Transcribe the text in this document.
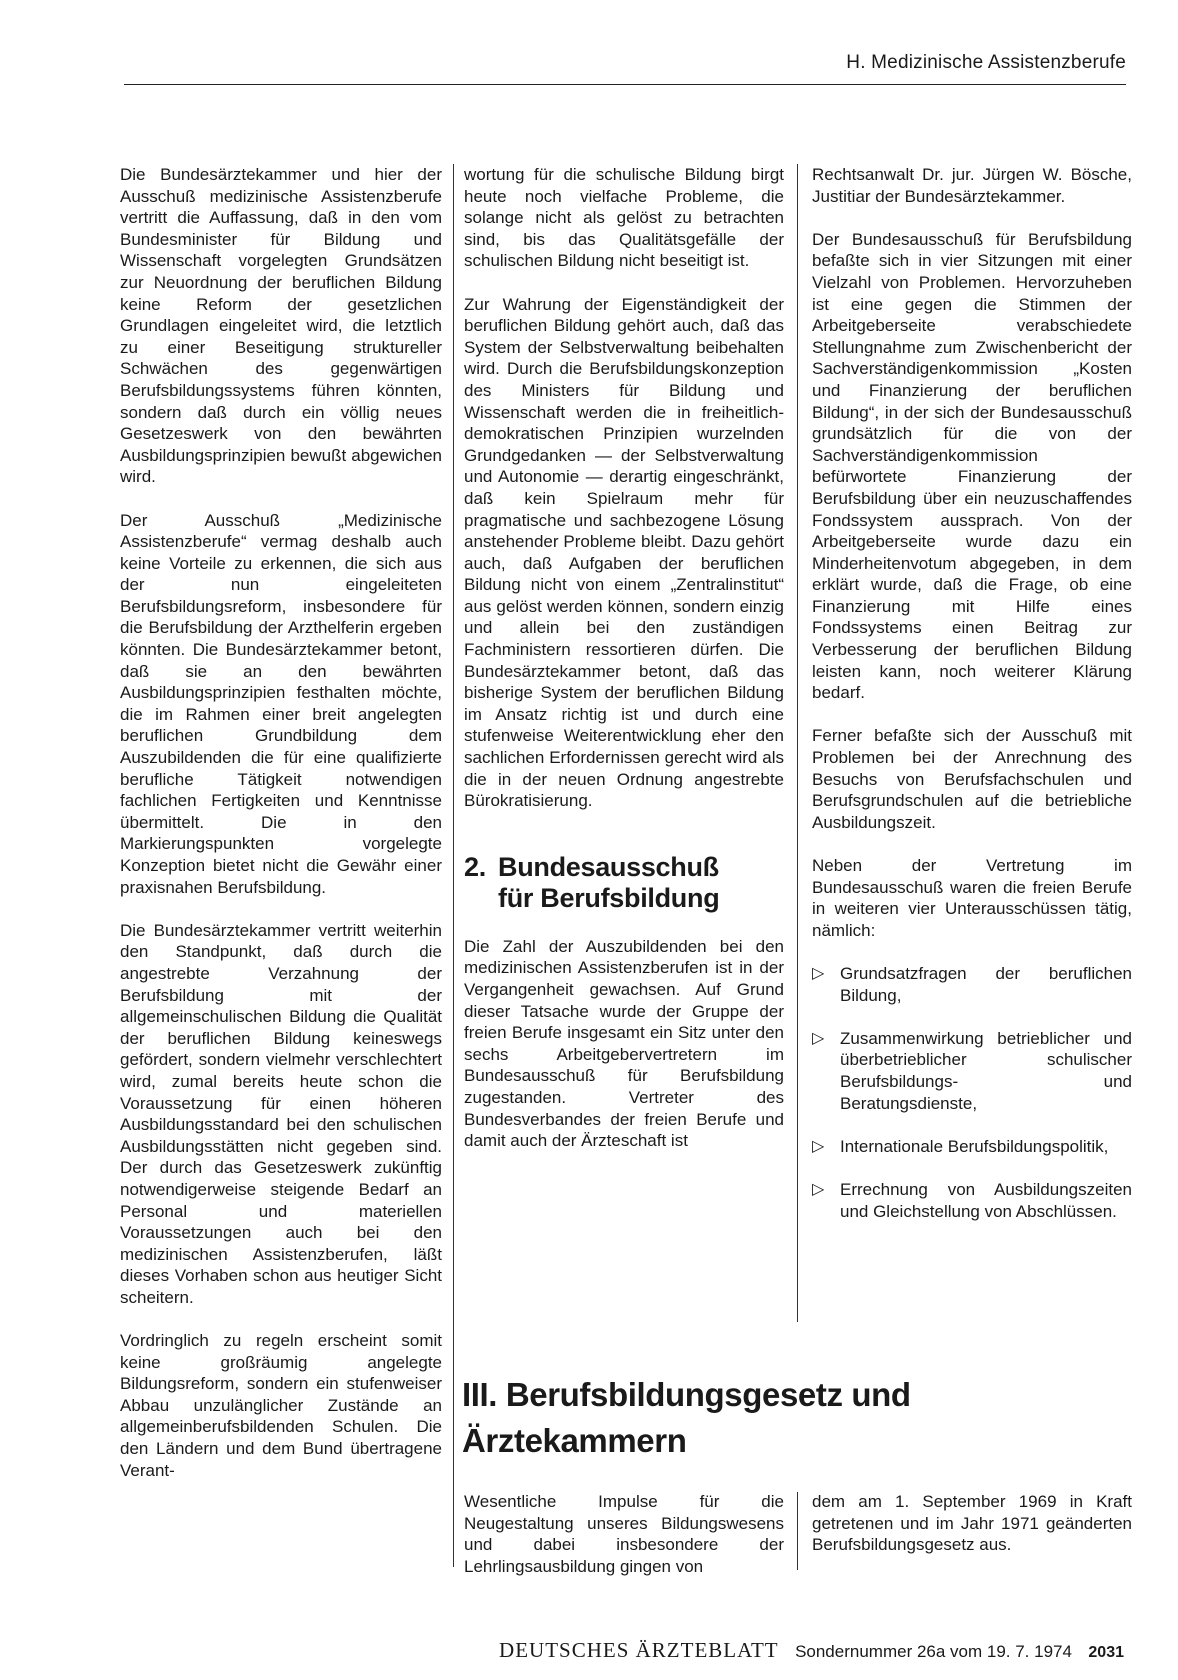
H. Medizinische Assistenzberufe

Die Bundesärztekammer und hier der Ausschuß medizinische Assistenzberufe vertritt die Auffassung, daß in den vom Bundesminister für Bildung und Wissenschaft vorgelegten Grundsätzen zur Neuordnung der beruflichen Bildung keine Reform der gesetzlichen Grundlagen eingeleitet wird, die letztlich zu einer Beseitigung struktureller Schwächen des gegenwärtigen Berufsbildungssystems führen könnten, sondern daß durch ein völlig neues Gesetzeswerk von den bewährten Ausbildungsprinzipien bewußt abgewichen wird.

Der Ausschuß „Medizinische Assistenzberufe“ vermag deshalb auch keine Vorteile zu erkennen, die sich aus der nun eingeleiteten Berufsbildungsreform, insbesondere für die Berufsbildung der Arzthelferin ergeben könnten. Die Bundesärztekammer betont, daß sie an den bewährten Ausbildungsprinzipien festhalten möchte, die im Rahmen einer breit angelegten beruflichen Grundbildung dem Auszubildenden die für eine qualifizierte berufliche Tätigkeit notwendigen fachlichen Fertigkeiten und Kenntnisse übermittelt. Die in den Markierungspunkten vorgelegte Konzeption bietet nicht die Gewähr einer praxisnahen Berufsbildung.

Die Bundesärztekammer vertritt weiterhin den Standpunkt, daß durch die angestrebte Verzahnung der Berufsbildung mit der allgemeinschulischen Bildung die Qualität der beruflichen Bildung keineswegs gefördert, sondern vielmehr verschlechtert wird, zumal bereits heute schon die Voraussetzung für einen höheren Ausbildungsstandard bei den schulischen Ausbildungsstätten nicht gegeben sind. Der durch das Gesetzeswerk zukünftig notwendigerweise steigende Bedarf an Personal und materiellen Voraussetzungen auch bei den medizinischen Assistenzberufen, läßt dieses Vorhaben schon aus heutiger Sicht scheitern.

Vordringlich zu regeln erscheint somit keine großräumig angelegte Bildungsreform, sondern ein stufenweiser Abbau unzulänglicher Zustände an allgemeinberufsbildenden Schulen. Die den Ländern und dem Bund übertragene Verant-

wortung für die schulische Bildung birgt heute noch vielfache Probleme, die solange nicht als gelöst zu betrachten sind, bis das Qualitätsgefälle der schulischen Bildung nicht beseitigt ist.

Zur Wahrung der Eigenständigkeit der beruflichen Bildung gehört auch, daß das System der Selbstverwaltung beibehalten wird. Durch die Berufsbildungskonzeption des Ministers für Bildung und Wissenschaft werden die in freiheitlich-demokratischen Prinzipien wurzelnden Grundgedanken — der Selbstverwaltung und Autonomie — derartig eingeschränkt, daß kein Spielraum mehr für pragmatische und sachbezogene Lösung anstehender Probleme bleibt. Dazu gehört auch, daß Aufgaben der beruflichen Bildung nicht von einem „Zentralinstitut“ aus gelöst werden können, sondern einzig und allein bei den zuständigen Fachministern ressortieren dürfen. Die Bundesärztekammer betont, daß das bisherige System der beruflichen Bildung im Ansatz richtig ist und durch eine stufenweise Weiterentwicklung eher den sachlichen Erfordernissen gerecht wird als die in der neuen Ordnung angestrebte Bürokratisierung.

2. Bundesausschuß
für Berufsbildung

Die Zahl der Auszubildenden bei den medizinischen Assistenzberufen ist in der Vergangenheit gewachsen. Auf Grund dieser Tatsache wurde der Gruppe der freien Berufe insgesamt ein Sitz unter den sechs Arbeitgebervertretern im Bundesausschuß für Berufsbildung zugestanden. Vertreter des Bundesverbandes der freien Berufe und damit auch der Ärzteschaft ist

Rechtsanwalt Dr. jur. Jürgen W. Bösche, Justitiar der Bundesärztekammer.

Der Bundesausschuß für Berufsbildung befaßte sich in vier Sitzungen mit einer Vielzahl von Problemen. Hervorzuheben ist eine gegen die Stimmen der Arbeitgeberseite verabschiedete Stellungnahme zum Zwischenbericht der Sachverständigenkommission „Kosten und Finanzierung der beruflichen Bildung“, in der sich der Bundesausschuß grundsätzlich für die von der Sachverständigenkommission befürwortete Finanzierung der Berufsbildung über ein neuzuschaffendes Fondssystem aussprach. Von der Arbeitgeberseite wurde dazu ein Minderheitenvotum abgegeben, in dem erklärt wurde, daß die Frage, ob eine Finanzierung mit Hilfe eines Fondssystems einen Beitrag zur Verbesserung der beruflichen Bildung leisten kann, noch weiterer Klärung bedarf.

Ferner befaßte sich der Ausschuß mit Problemen bei der Anrechnung des Besuchs von Berufsfachschulen und Berufsgrundschulen auf die betriebliche Ausbildungszeit.

Neben der Vertretung im Bundesausschuß waren die freien Berufe in weiteren vier Unterausschüssen tätig, nämlich:

▷ Grundsatzfragen der beruflichen Bildung,
▷ Zusammenwirkung betrieblicher und überbetrieblicher schulischer Berufsbildungs- und Beratungsdienste,
▷ Internationale Berufsbildungspolitik,
▷ Errechnung von Ausbildungszeiten und Gleichstellung von Abschlüssen.
III. Berufsbildungsgesetz und
Ärztekammern
Wesentliche Impulse für die Neugestaltung unseres Bildungswesens und dabei insbesondere der Lehrlingsausbildung gingen von
dem am 1. September 1969 in Kraft getretenen und im Jahr 1971 geänderten Berufsbildungsgesetz aus.
DEUTSCHES ÄRZTEBLATT Sondernummer 26a vom 19. 7. 1974 2031
